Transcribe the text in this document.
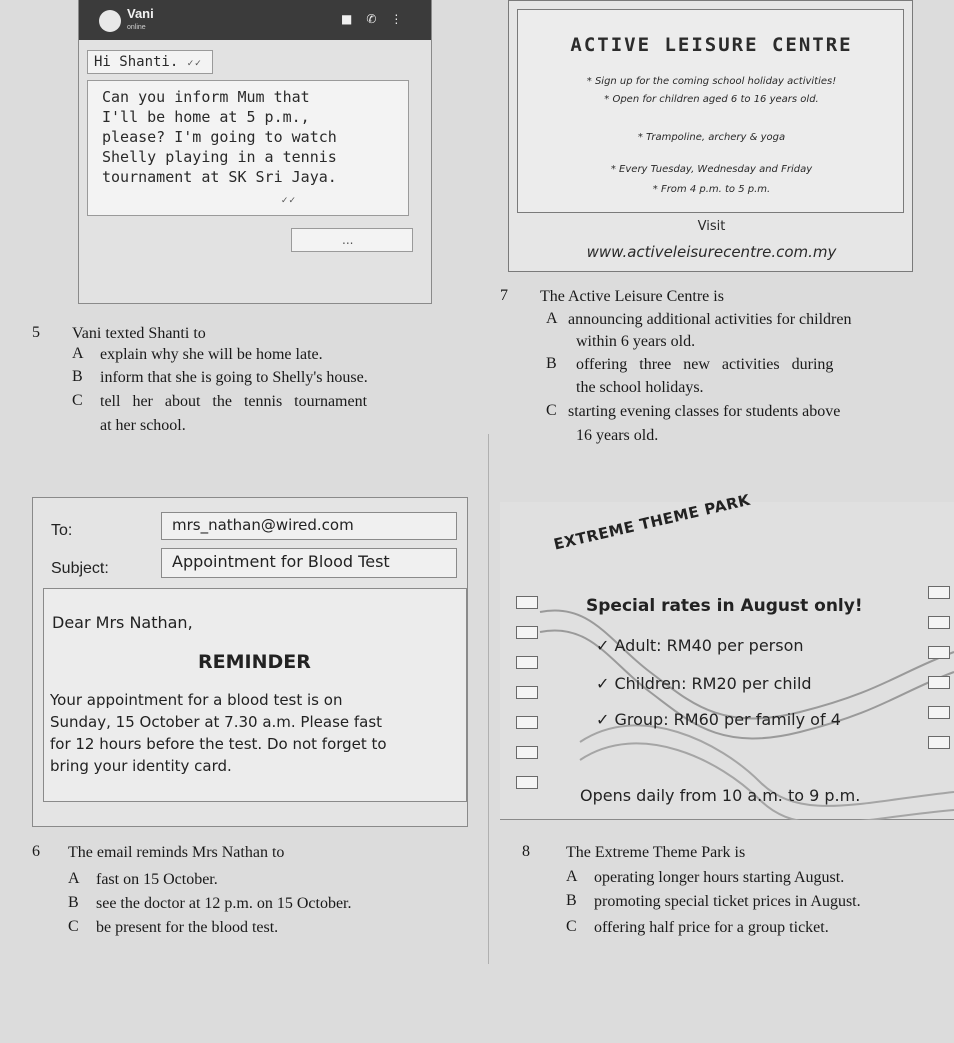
Vani
online
■✆⋮
Hi Shanti. ✓✓
Can you inform Mum that
I'll be home at 5 p.m.,
please? I'm going to watch
Shelly playing in a tennis
tournament at SK Sri Jaya.
✓✓
...
ACTIVE LEISURE CENTRE
* Sign up for the coming school holiday activities!
* Open for children aged 6 to 16 years old.
* Trampoline, archery & yoga
* Every Tuesday, Wednesday and Friday
* From 4 p.m. to 5 p.m.
Visit
www.activeleisurecentre.com.my
5 Vani texted Shanti to
A explain why she will be home late.
B inform that she is going to Shelly's house.
C tell   her   about   the   tennis   tournament
at her school.
7 The Active Leisure Centre is
A announcing additional activities for children
within 6 years old.
B offering   three   new   activities   during
the school holidays.
C starting evening classes for students above
16 years old.
To:	mrs_nathan@wired.com
Subject:	Appointment for Blood Test
Dear Mrs Nathan,
REMINDER
Your appointment for a blood test is on
Sunday, 15 October at 7.30 a.m. Please fast
for 12 hours before the test. Do not forget to
bring your identity card.
EXTREME THEME PARK
Special rates in August only!
✓ Adult: RM40 per person
✓ Children: RM20 per child
✓ Group: RM60 per family of 4
Opens daily from 10 a.m. to 9 p.m.
6 The email reminds Mrs Nathan to
A fast on 15 October.
B see the doctor at 12 p.m. on 15 October.
C be present for the blood test.
8 The Extreme Theme Park is
A operating longer hours starting August.
B promoting special ticket prices in August.
C offering half price for a group ticket.
